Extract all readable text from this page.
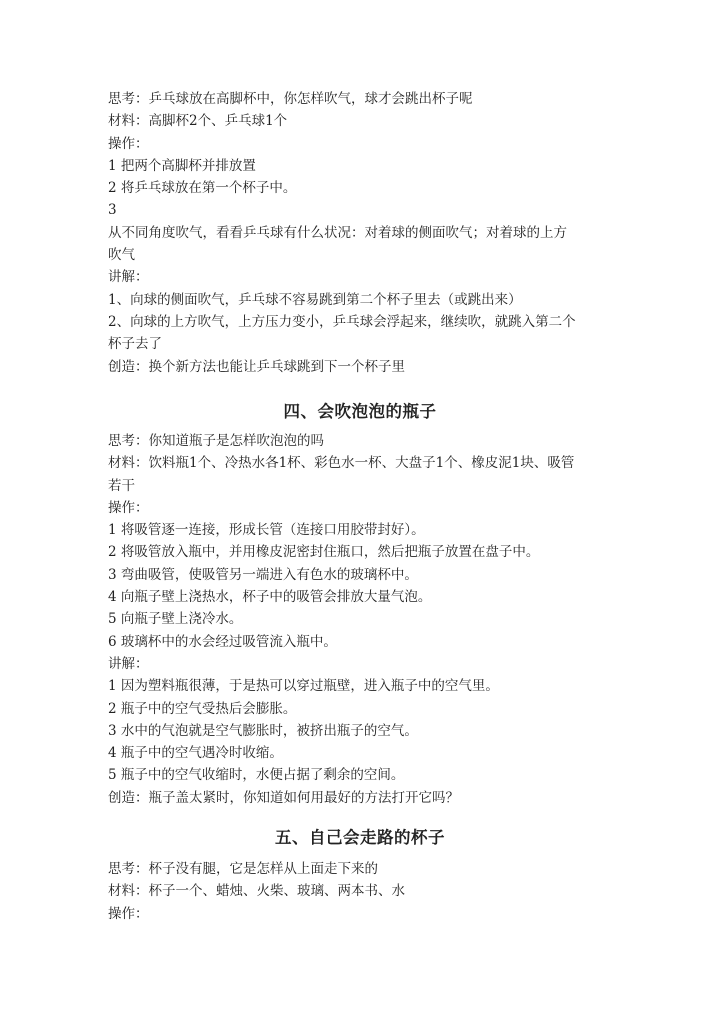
思考：乒乓球放在高脚杯中，你怎样吹气，球才会跳出杯子呢

材料：高脚杯2个、乒乓球1个

操作：

1 把两个高脚杯并排放置

2 将乒乓球放在第一个杯子中。

3

从不同角度吹气，看看乒乓球有什么状况：对着球的侧面吹气；对着球的上方

吹气

讲解：

1、向球的侧面吹气，乒乓球不容易跳到第二个杯子里去（或跳出来）

2、向球的上方吹气，上方压力变小，乒乓球会浮起来，继续吹，就跳入第二个

杯子去了

创造：换个新方法也能让乒乓球跳到下一个杯子里

四、会吹泡泡的瓶子

思考：你知道瓶子是怎样吹泡泡的吗

材料：饮料瓶1个、冷热水各1杯、彩色水一杯、大盘子1个、橡皮泥1块、吸管

若干

操作：

1 将吸管逐一连接，形成长管（连接口用胶带封好）。

2 将吸管放入瓶中，并用橡皮泥密封住瓶口，然后把瓶子放置在盘子中。

3 弯曲吸管，使吸管另一端进入有色水的玻璃杯中。

4 向瓶子壁上浇热水，杯子中的吸管会排放大量气泡。

5 向瓶子壁上浇冷水。

6 玻璃杯中的水会经过吸管流入瓶中。

讲解：

1 因为塑料瓶很薄，于是热可以穿过瓶壁，进入瓶子中的空气里。

2 瓶子中的空气受热后会膨胀。

3 水中的气泡就是空气膨胀时，被挤出瓶子的空气。

4 瓶子中的空气遇冷时收缩。

5 瓶子中的空气收缩时，水便占据了剩余的空间。

创造：瓶子盖太紧时，你知道如何用最好的方法打开它吗？

五、自己会走路的杯子

思考：杯子没有腿，它是怎样从上面走下来的

材料：杯子一个、蜡烛、火柴、玻璃、两本书、水

操作：
